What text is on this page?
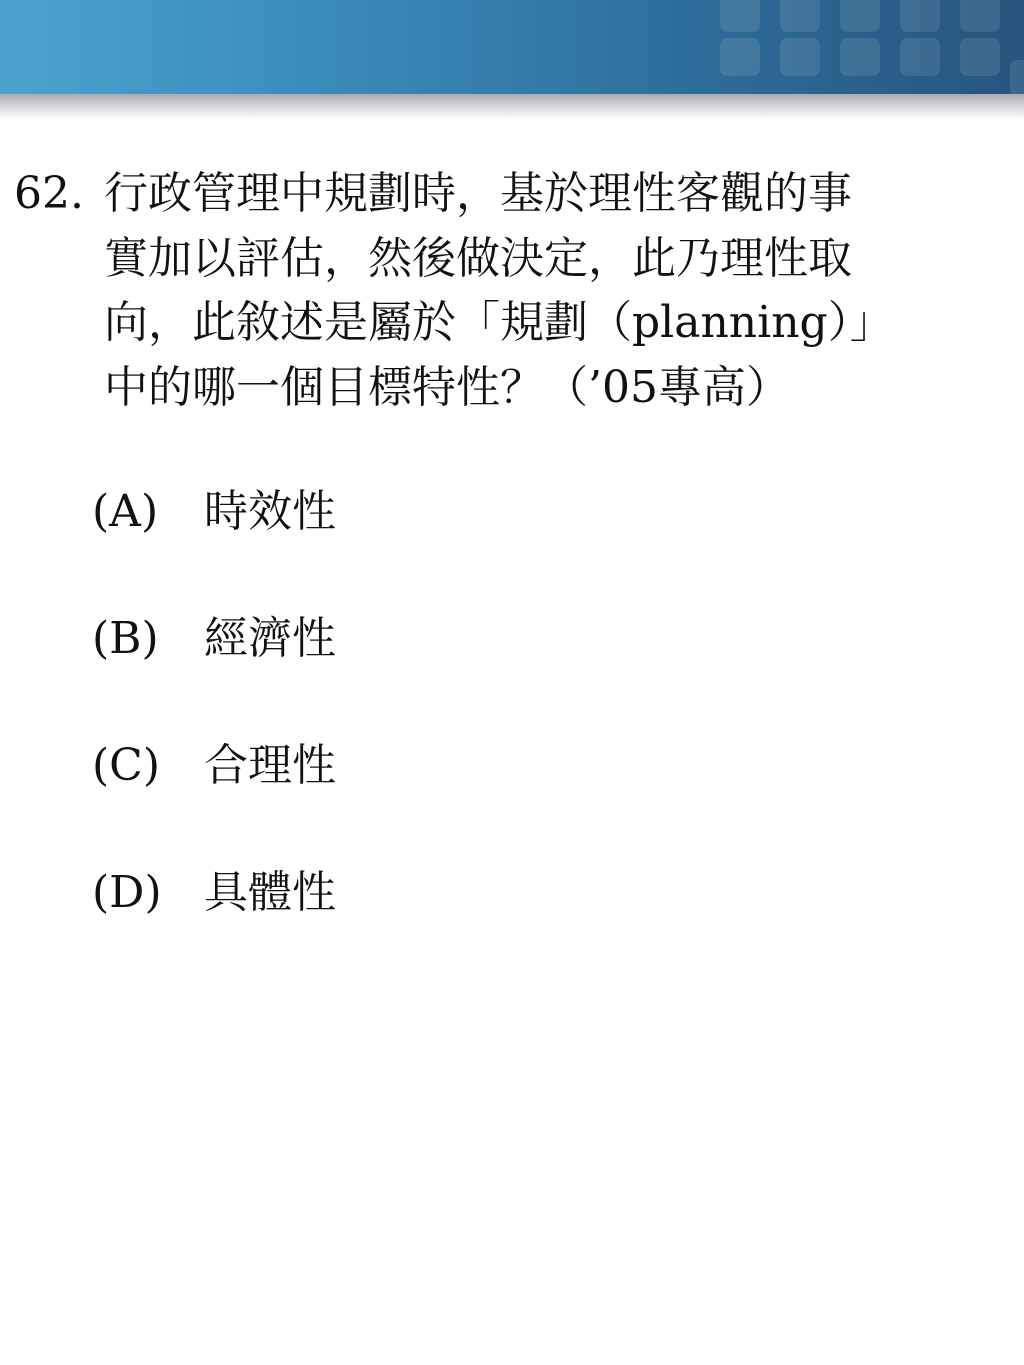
62. 行政管理中規劃時，基於理性客觀的事
實加以評估，然後做決定，此乃理性取
向，此敘述是屬於「規劃（planning）」
中的哪一個目標特性？（’05專高）
(A)	時效性
(B)	經濟性
(C)	合理性
(D) 具體性
